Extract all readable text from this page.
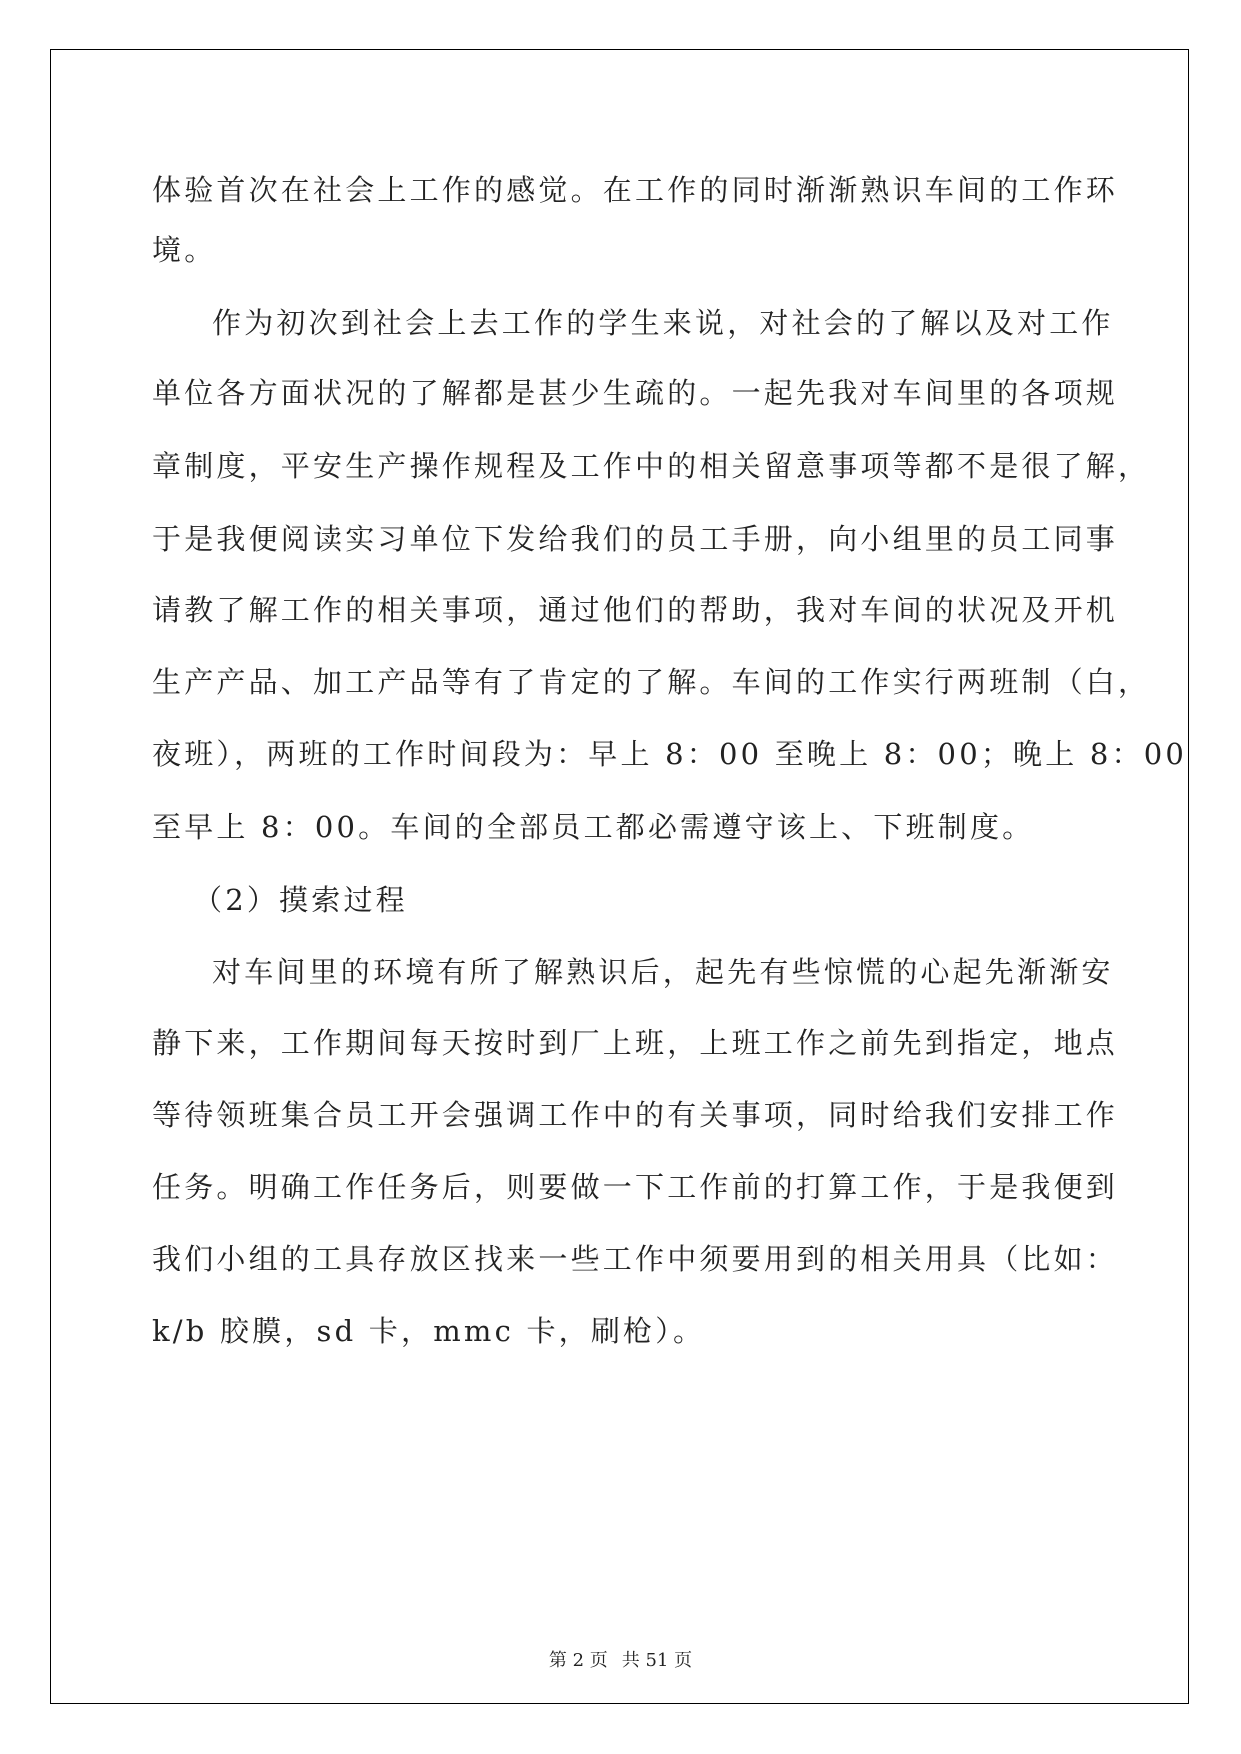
体验首次在社会上工作的感觉。在工作的同时渐渐熟识车间的工作环
境。
作为初次到社会上去工作的学生来说，对社会的了解以及对工作
单位各方面状况的了解都是甚少生疏的。一起先我对车间里的各项规
章制度，平安生产操作规程及工作中的相关留意事项等都不是很了解，
于是我便阅读实习单位下发给我们的员工手册，向小组里的员工同事
请教了解工作的相关事项，通过他们的帮助，我对车间的状况及开机
生产产品、加工产品等有了肯定的了解。车间的工作实行两班制（白，
夜班），两班的工作时间段为：早上 8：00 至晚上 8：00；晚上 8：00
至早上 8：00。车间的全部员工都必需遵守该上、下班制度。
（2）摸索过程
对车间里的环境有所了解熟识后，起先有些惊慌的心起先渐渐安
静下来，工作期间每天按时到厂上班，上班工作之前先到指定，地点
等待领班集合员工开会强调工作中的有关事项，同时给我们安排工作
任务。明确工作任务后，则要做一下工作前的打算工作，于是我便到
我们小组的工具存放区找来一些工作中须要用到的相关用具（比如：
k/b 胶膜，sd 卡，mmc 卡，刷枪）。
第 2 页 共 51 页
